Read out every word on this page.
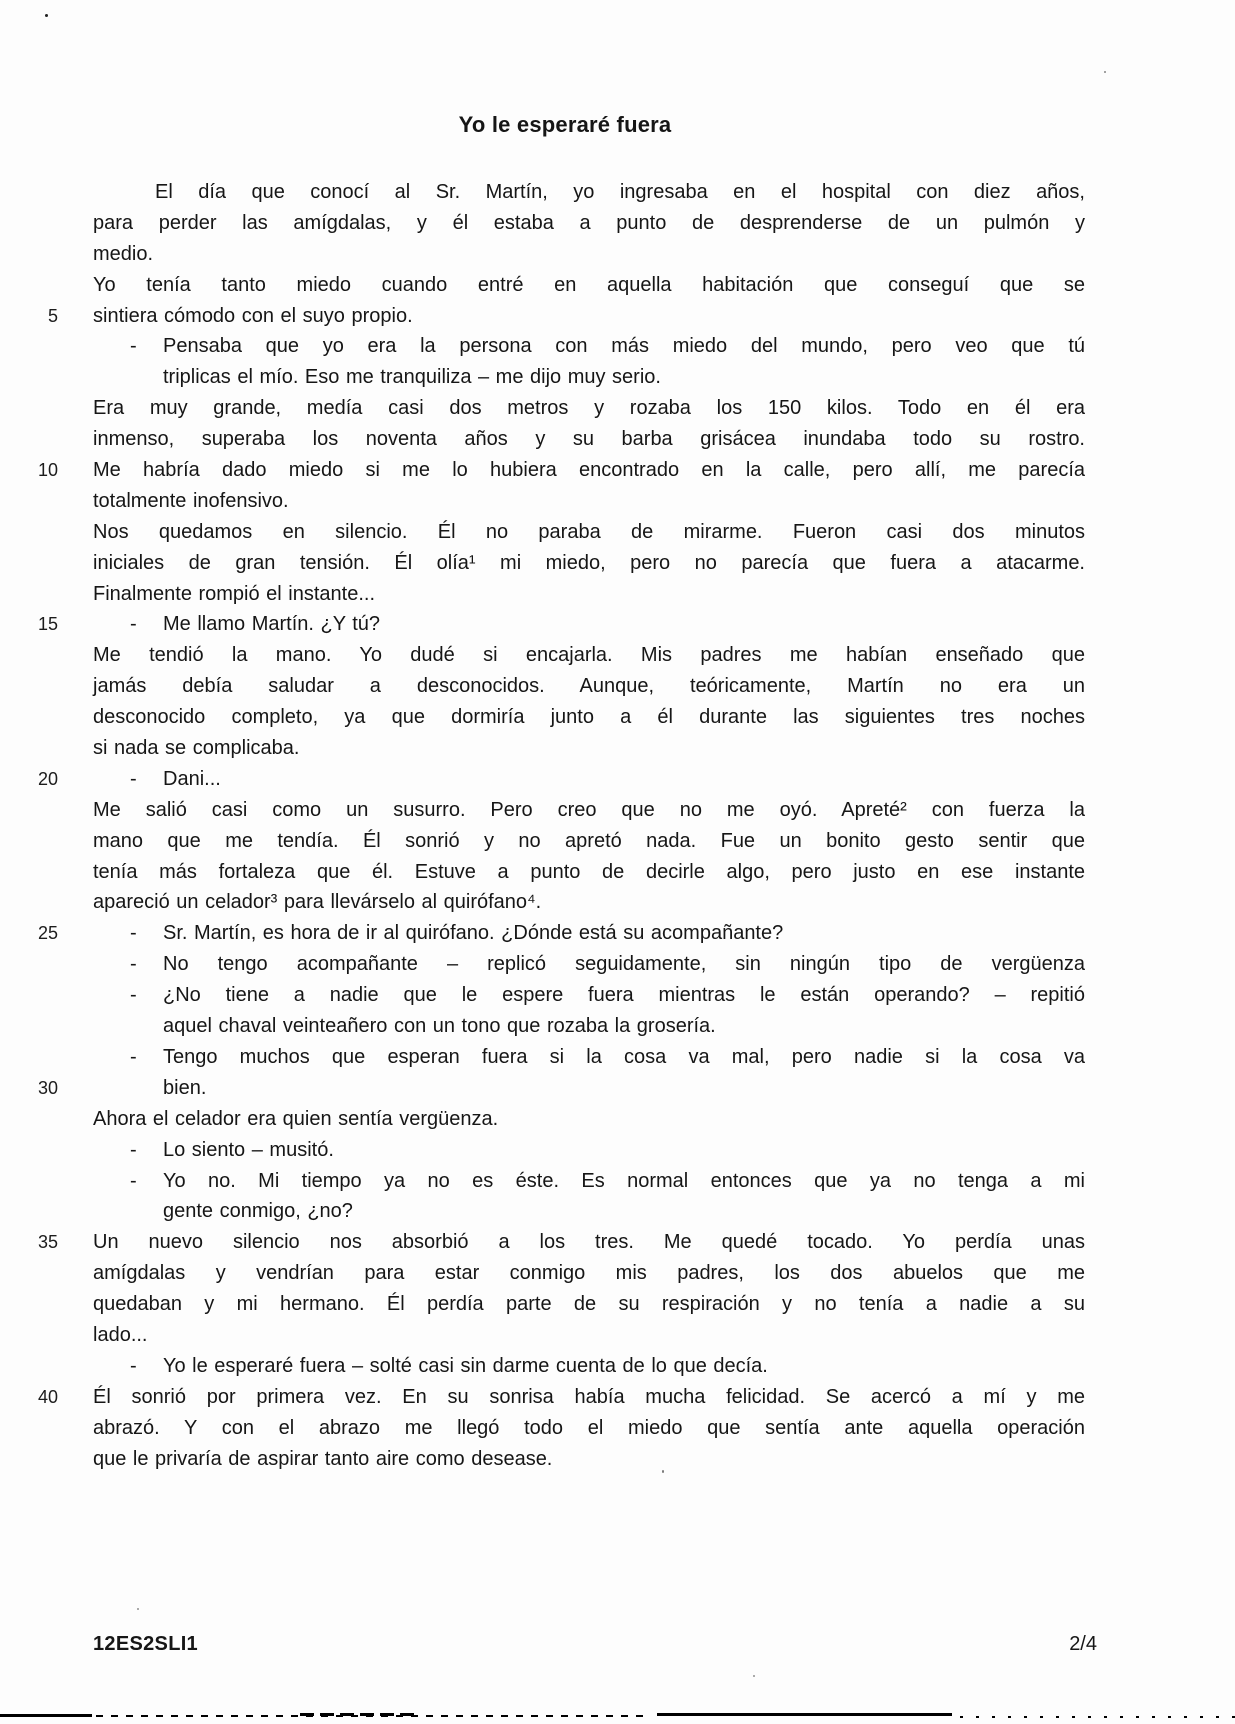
Yo le esperaré fuera
El día que conocí al Sr. Martín, yo ingresaba en el hospital con diez años,
para perder las amígdalas, y él estaba a punto de desprenderse de un pulmón y
medio.
Yo tenía tanto miedo cuando entré en aquella habitación que conseguí que se
5 sintiera cómodo con el suyo propio.
- Pensaba que yo era la persona con más miedo del mundo, pero veo que tú
triplicas el mío. Eso me tranquiliza – me dijo muy serio.
Era muy grande, medía casi dos metros y rozaba los 150 kilos. Todo en él era
inmenso, superaba los noventa años y su barba grisácea inundaba todo su rostro.
10 Me habría dado miedo si me lo hubiera encontrado en la calle, pero allí, me parecía
totalmente inofensivo.
Nos quedamos en silencio. Él no paraba de mirarme. Fueron casi dos minutos
iniciales de gran tensión. Él olía¹ mi miedo, pero no parecía que fuera a atacarme.
Finalmente rompió el instante...
15	- Me llamo Martín. ¿Y tú?
Me tendió la mano. Yo dudé si encajarla. Mis padres me habían enseñado que
jamás debía saludar a desconocidos. Aunque, teóricamente, Martín no era un
desconocido completo, ya que dormiría junto a él durante las siguientes tres noches
si nada se complicaba.
20	- Dani...
Me salió casi como un susurro. Pero creo que no me oyó. Apreté² con fuerza la
mano que me tendía. Él sonrió y no apretó nada. Fue un bonito gesto sentir que
tenía más fortaleza que él. Estuve a punto de decirle algo, pero justo en ese instante
apareció un celador³ para llevárselo al quirófano⁴.
25	- Sr. Martín, es hora de ir al quirófano. ¿Dónde está su acompañante?
- No tengo acompañante – replicó seguidamente, sin ningún tipo de vergüenza
- ¿No tiene a nadie que le espere fuera mientras le están operando? – repitió
aquel chaval veinteañero con un tono que rozaba la grosería.
- Tengo muchos que esperan fuera si la cosa va mal, pero nadie si la cosa va
30	bien.
Ahora el celador era quien sentía vergüenza.
- Lo siento – musitó.
- Yo no. Mi tiempo ya no es éste. Es normal entonces que ya no tenga a mi
gente conmigo, ¿no?
35 Un nuevo silencio nos absorbió a los tres. Me quedé tocado. Yo perdía unas
amígdalas y vendrían para estar conmigo mis padres, los dos abuelos que me
quedaban y mi hermano. Él perdía parte de su respiración y no tenía a nadie a su
lado...
- Yo le esperaré fuera – solté casi sin darme cuenta de lo que decía.
40 Él sonrió por primera vez. En su sonrisa había mucha felicidad. Se acercó a mí y me
abrazó. Y con el abrazo me llegó todo el miedo que sentía ante aquella operación
que le privaría de aspirar tanto aire como desease.
12ES2SLI1	2/4
